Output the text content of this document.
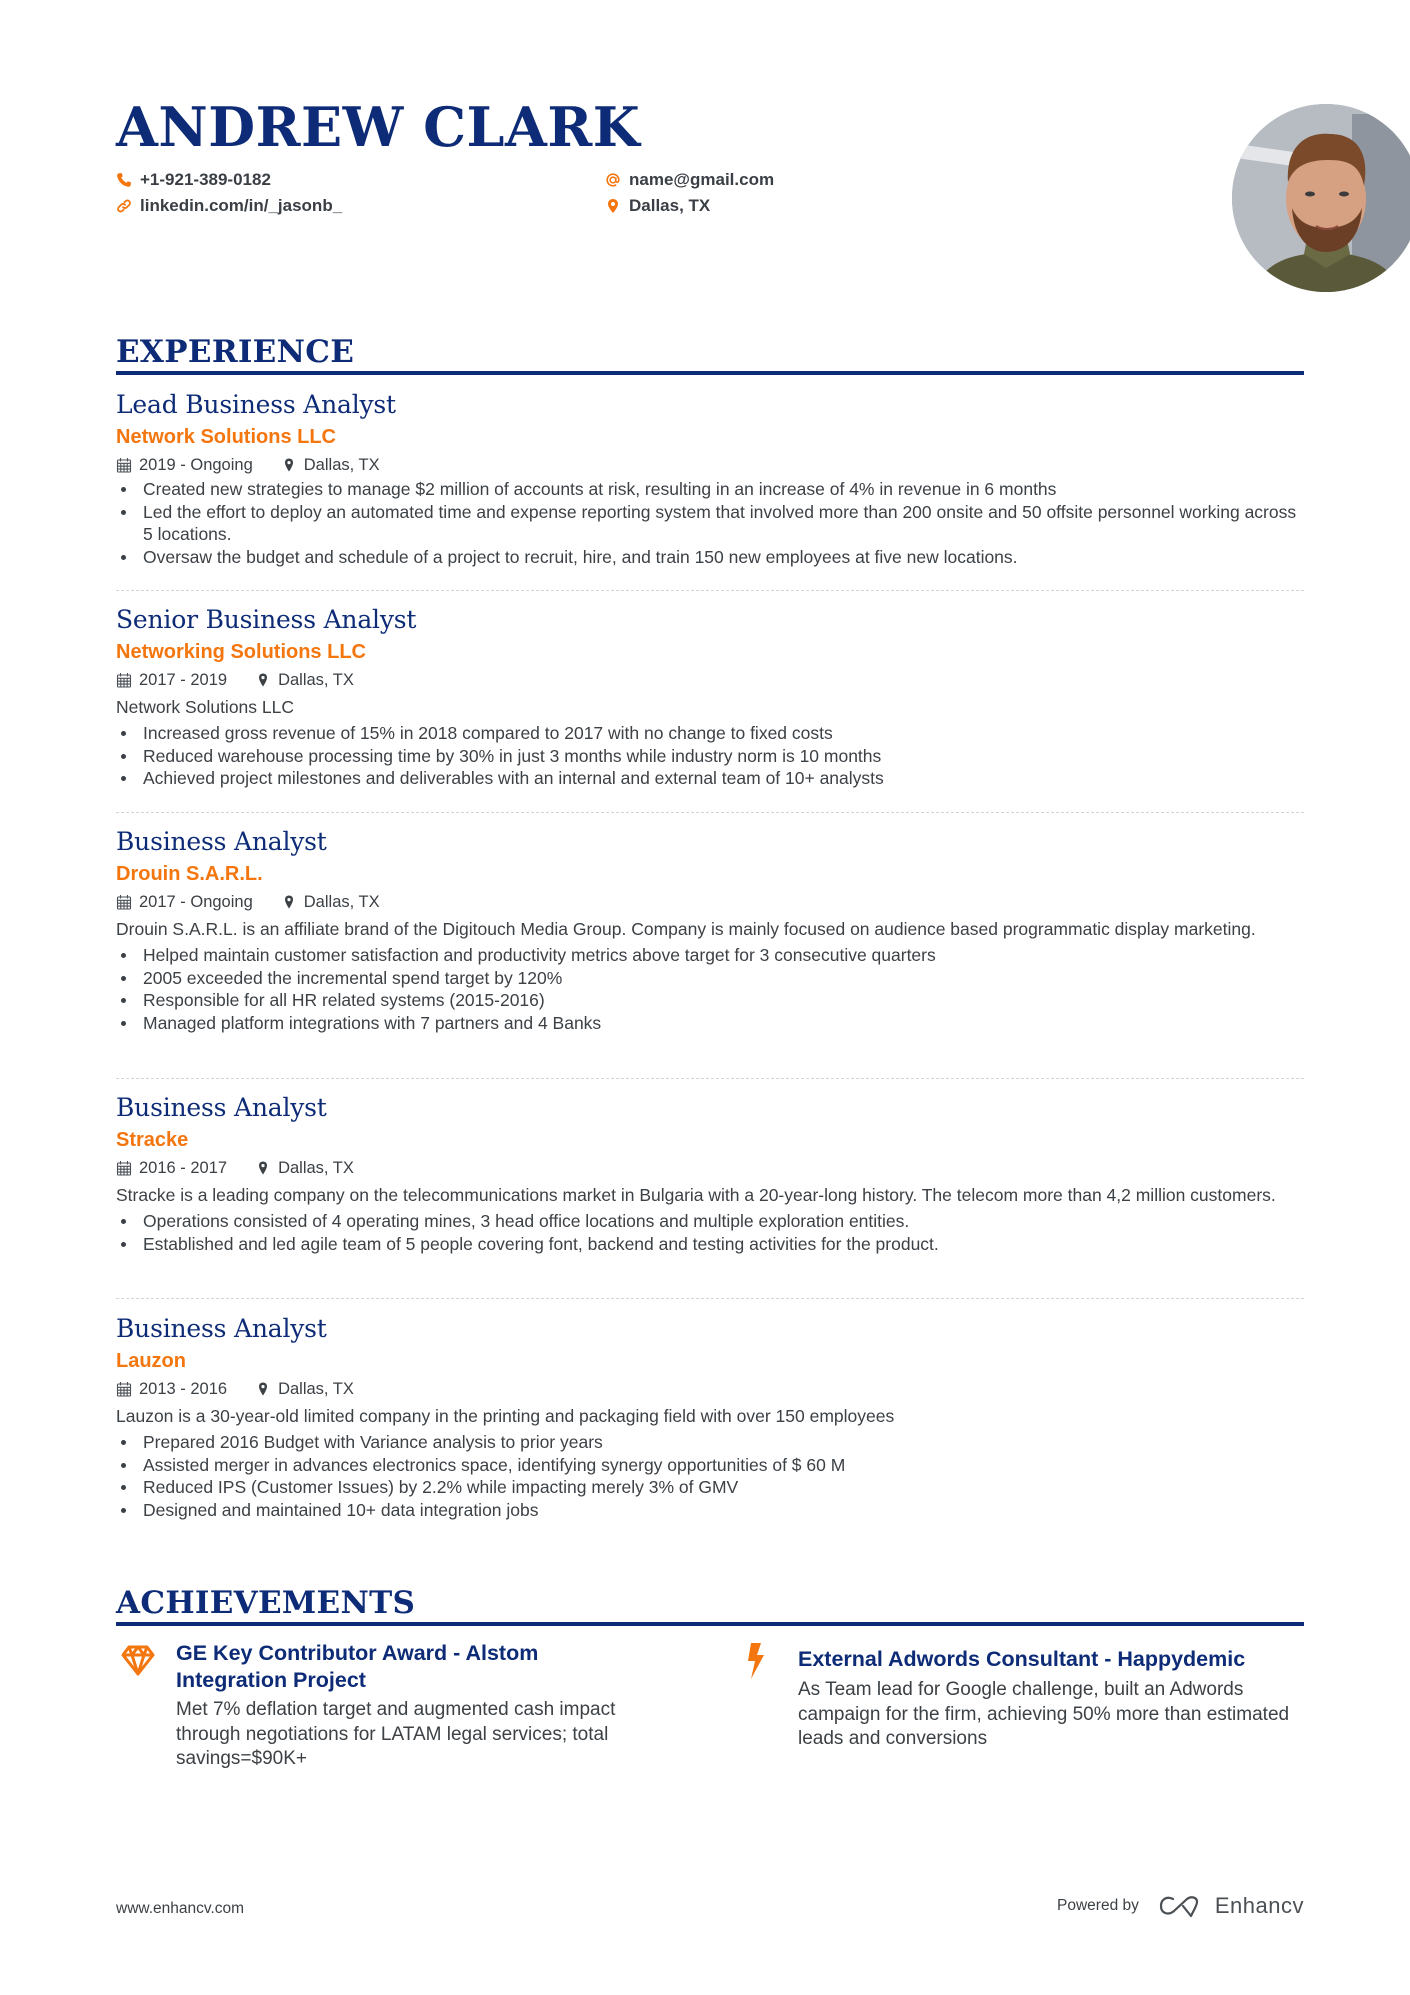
ANDREW CLARK
+1-921-389-0182
linkedin.com/in/_jasonb_
name@gmail.com
Dallas, TX
EXPERIENCE
Lead Business Analyst
Network Solutions LLC
2019 - Ongoing	Dallas, TX
Created new strategies to manage $2 million of accounts at risk, resulting in an increase of 4% in revenue in 6 months
Led the effort to deploy an automated time and expense reporting system that involved more than 200 onsite and 50 offsite personnel working across 5 locations.
Oversaw the budget and schedule of a project to recruit, hire, and train 150 new employees at five new locations.
Senior Business Analyst
Networking Solutions LLC
2017 - 2019	Dallas, TX
Network Solutions LLC
Increased gross revenue of 15% in 2018 compared to 2017 with no change to fixed costs
Reduced warehouse processing time by 30% in just 3 months while industry norm is 10 months
Achieved project milestones and deliverables with an internal and external team of 10+ analysts
Business Analyst
Drouin S.A.R.L.
2017 - Ongoing	Dallas, TX
Drouin S.A.R.L. is an affiliate brand of the Digitouch Media Group. Company is mainly focused on audience based programmatic display marketing.
Helped maintain customer satisfaction and productivity metrics above target for 3 consecutive quarters
2005 exceeded the incremental spend target by 120%
Responsible for all HR related systems (2015-2016)
Managed platform integrations with 7 partners and 4 Banks
Business Analyst
Stracke
2016 - 2017	Dallas, TX
Stracke is a leading company on the telecommunications market in Bulgaria with a 20-year-long history. The telecom more than 4,2 million customers.
Operations consisted of 4 operating mines, 3 head office locations and multiple exploration entities.
Established and led agile team of 5 people covering font, backend and testing activities for the product.
Business Analyst
Lauzon
2013 - 2016	Dallas, TX
Lauzon is a 30-year-old limited company in the printing and packaging field with over 150 employees
Prepared 2016 Budget with Variance analysis to prior years
Assisted merger in advances electronics space, identifying synergy opportunities of $ 60 M
Reduced IPS (Customer Issues) by 2.2% while impacting merely 3% of GMV
Designed and maintained 10+ data integration jobs
ACHIEVEMENTS
GE Key Contributor Award - Alstom
Integration Project
Met 7% deflation target and augmented cash impact through negotiations for LATAM legal services; total savings=$90K+
External Adwords Consultant - Happydemic
As Team lead for Google challenge, built an Adwords campaign for the firm, achieving 50% more than estimated leads and conversions
www.enhancv.com	Powered by	Enhancv
